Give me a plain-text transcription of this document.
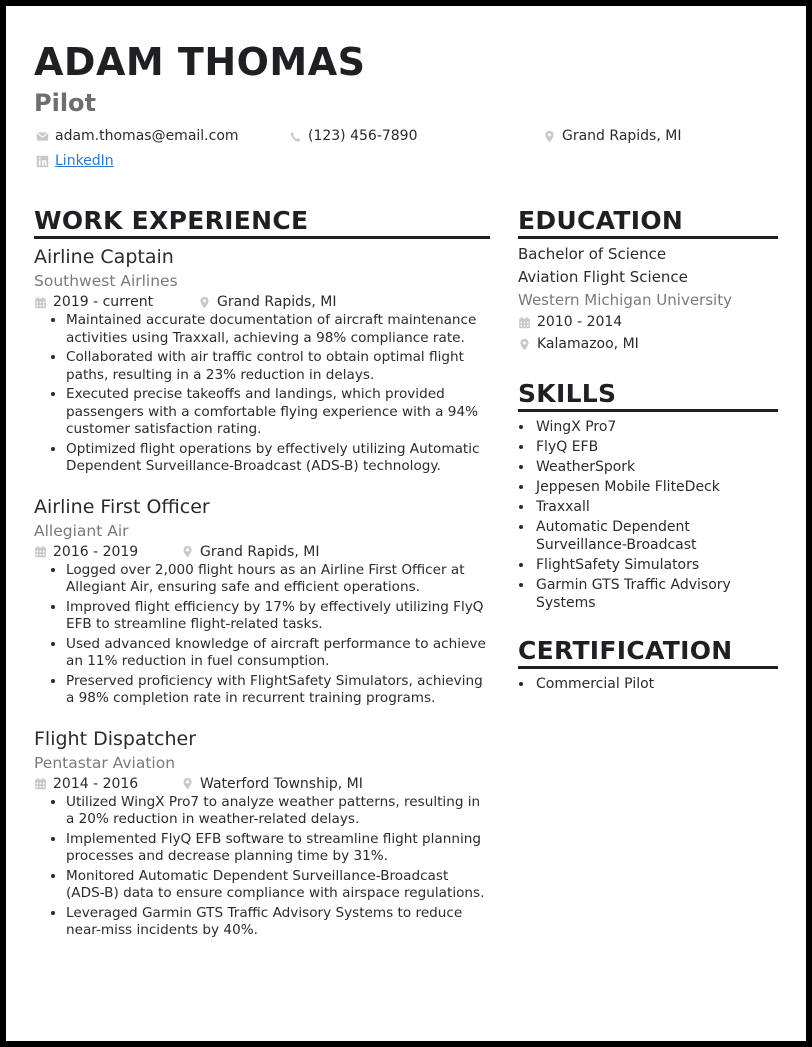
ADAM THOMAS
Pilot
adam.thomas@email.com	(123) 456-7890	Grand Rapids, MI
LinkedIn
WORK EXPERIENCE
Airline Captain
Southwest Airlines
2019 - current	Grand Rapids, MI
• Maintained accurate documentation of aircraft maintenance activities using Traxxall, achieving a 98% compliance rate.
• Collaborated with air traffic control to obtain optimal flight paths, resulting in a 23% reduction in delays.
• Executed precise takeoffs and landings, which provided passengers with a comfortable flying experience with a 94% customer satisfaction rating.
• Optimized flight operations by effectively utilizing Automatic Dependent Surveillance-Broadcast (ADS-B) technology.
Airline First Officer
Allegiant Air
2016 - 2019	Grand Rapids, MI
• Logged over 2,000 flight hours as an Airline First Officer at Allegiant Air, ensuring safe and efficient operations.
• Improved flight efficiency by 17% by effectively utilizing FlyQ EFB to streamline flight-related tasks.
• Used advanced knowledge of aircraft performance to achieve an 11% reduction in fuel consumption.
• Preserved proficiency with FlightSafety Simulators, achieving a 98% completion rate in recurrent training programs.
Flight Dispatcher
Pentastar Aviation
2014 - 2016	Waterford Township, MI
• Utilized WingX Pro7 to analyze weather patterns, resulting in a 20% reduction in weather-related delays.
• Implemented FlyQ EFB software to streamline flight planning processes and decrease planning time by 31%.
• Monitored Automatic Dependent Surveillance-Broadcast (ADS-B) data to ensure compliance with airspace regulations.
• Leveraged Garmin GTS Traffic Advisory Systems to reduce near-miss incidents by 40%.
EDUCATION
Bachelor of Science
Aviation Flight Science
Western Michigan University
2010 - 2014
Kalamazoo, MI
SKILLS
• WingX Pro7
• FlyQ EFB
• WeatherSpork
• Jeppesen Mobile FliteDeck
• Traxxall
• Automatic Dependent Surveillance-Broadcast
• FlightSafety Simulators
• Garmin GTS Traffic Advisory Systems
CERTIFICATION
• Commercial Pilot
